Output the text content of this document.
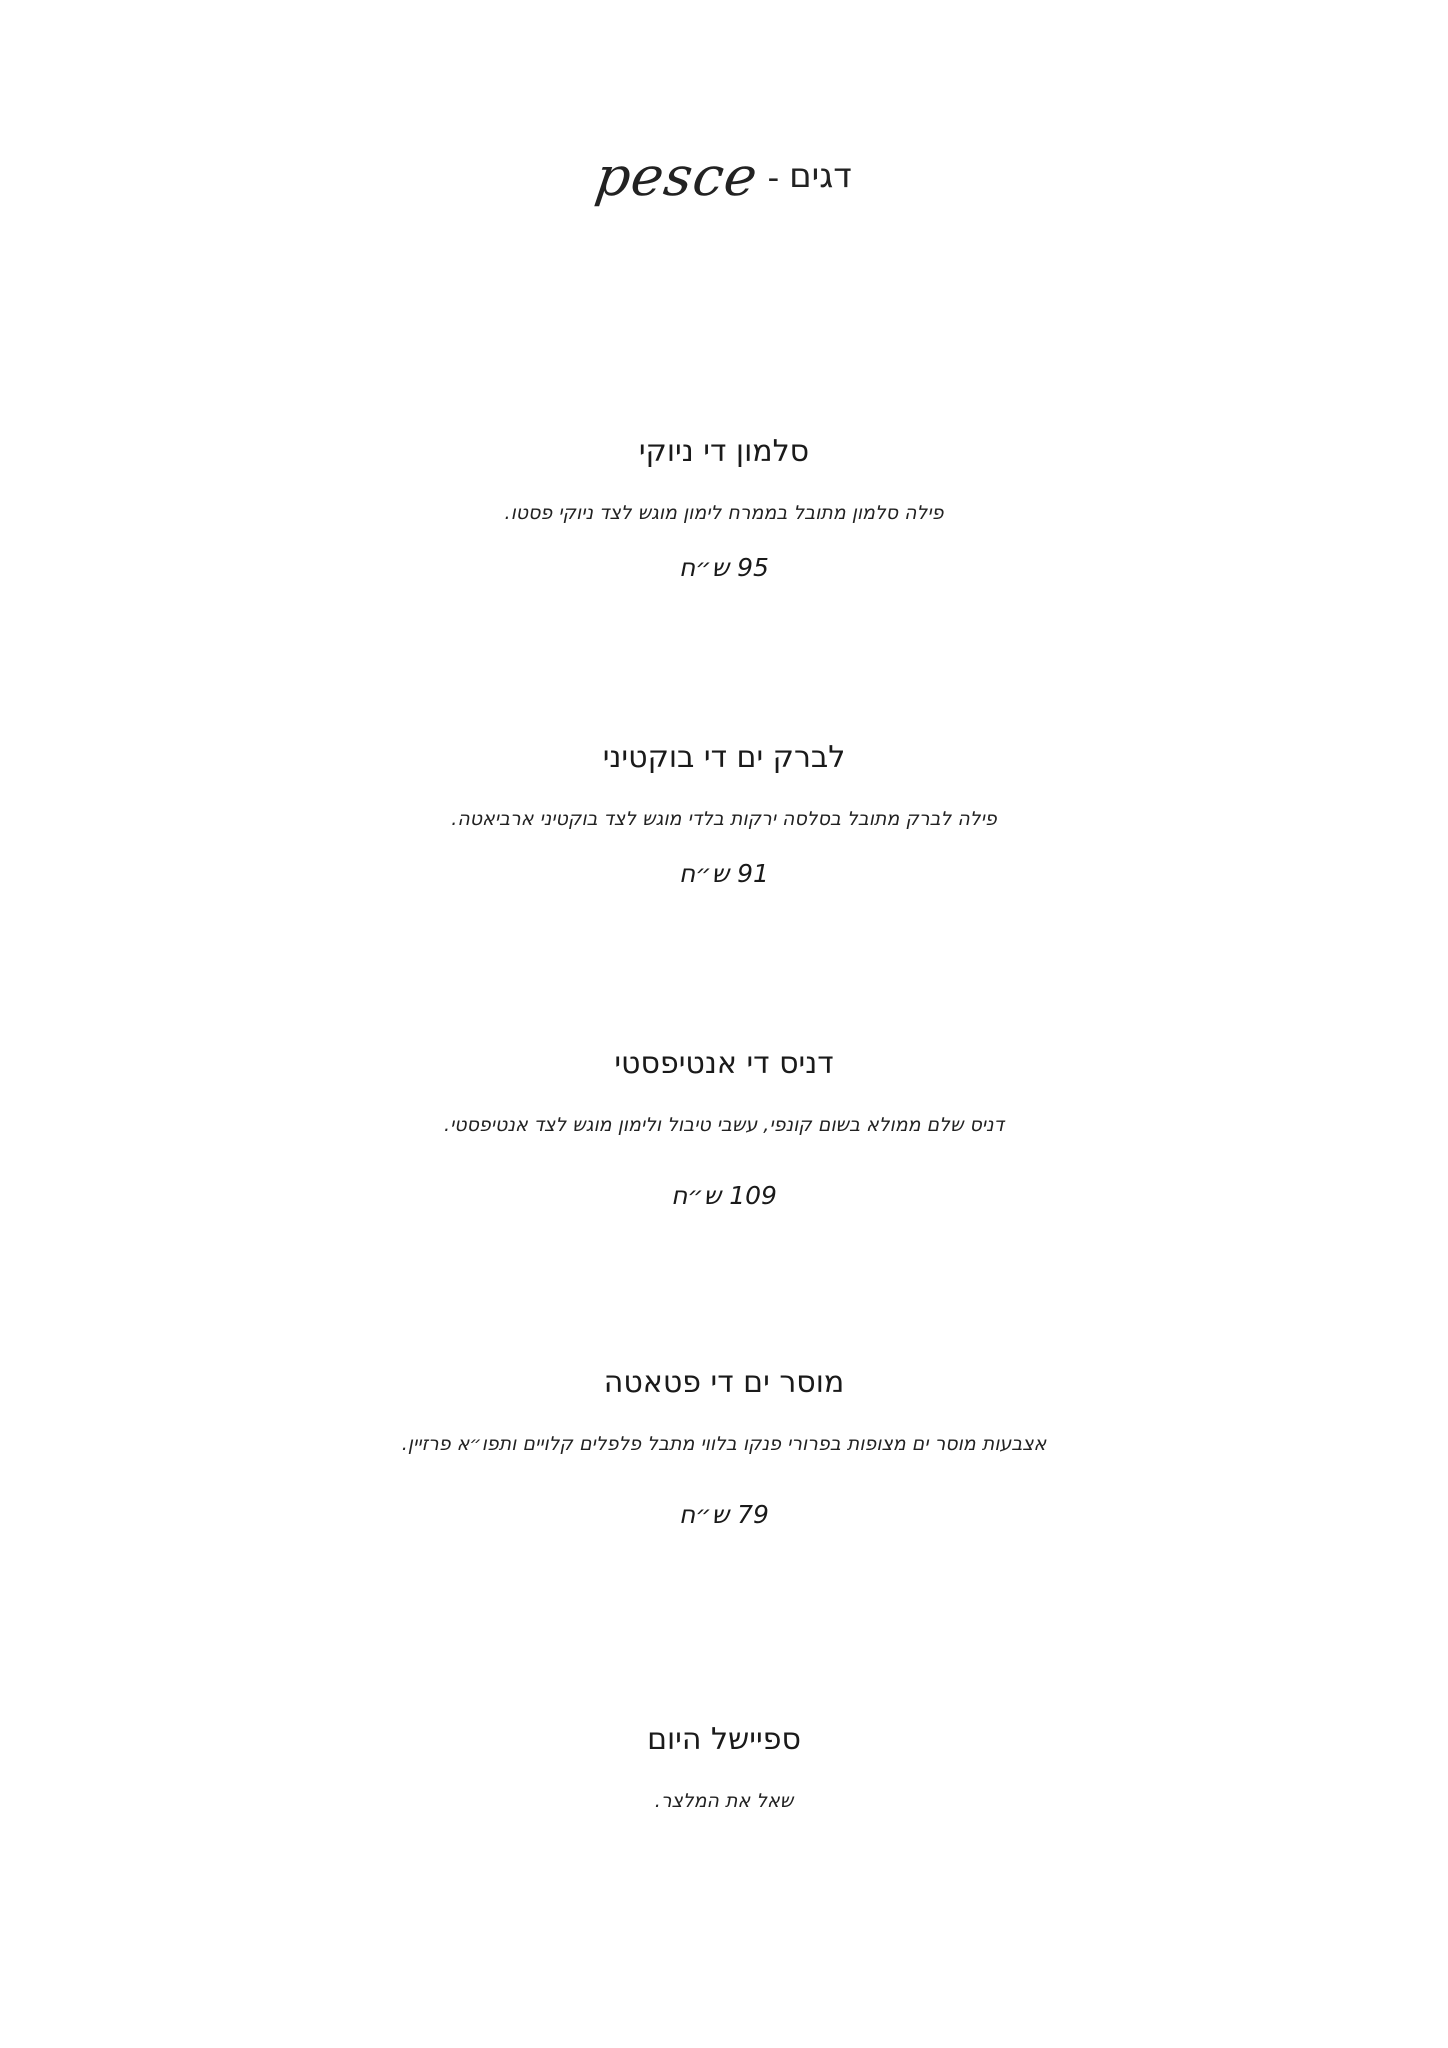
pesce - דגים
סלמון די ניוקי
פילה סלמון מתובל בממרח לימון מוגש לצד ניוקי פסטו.
95 ש״ח
לברק ים די בוקטיני
פילה לברק מתובל בסלסה ירקות בלדי מוגש לצד בוקטיני ארביאטה.
91 ש״ח
דניס די אנטיפסטי
דניס שלם ממולא בשום קונפי, עשבי טיבול ולימון מוגש לצד אנטיפסטי.
109 ש״ח
מוסר ים די פטאטה
אצבעות מוסר ים מצופות בפרורי פנקו בלווי מתבל פלפלים קלויים ותפו״א פרזיין.
79 ש״ח
ספיישל היום
שאל את המלצר.
